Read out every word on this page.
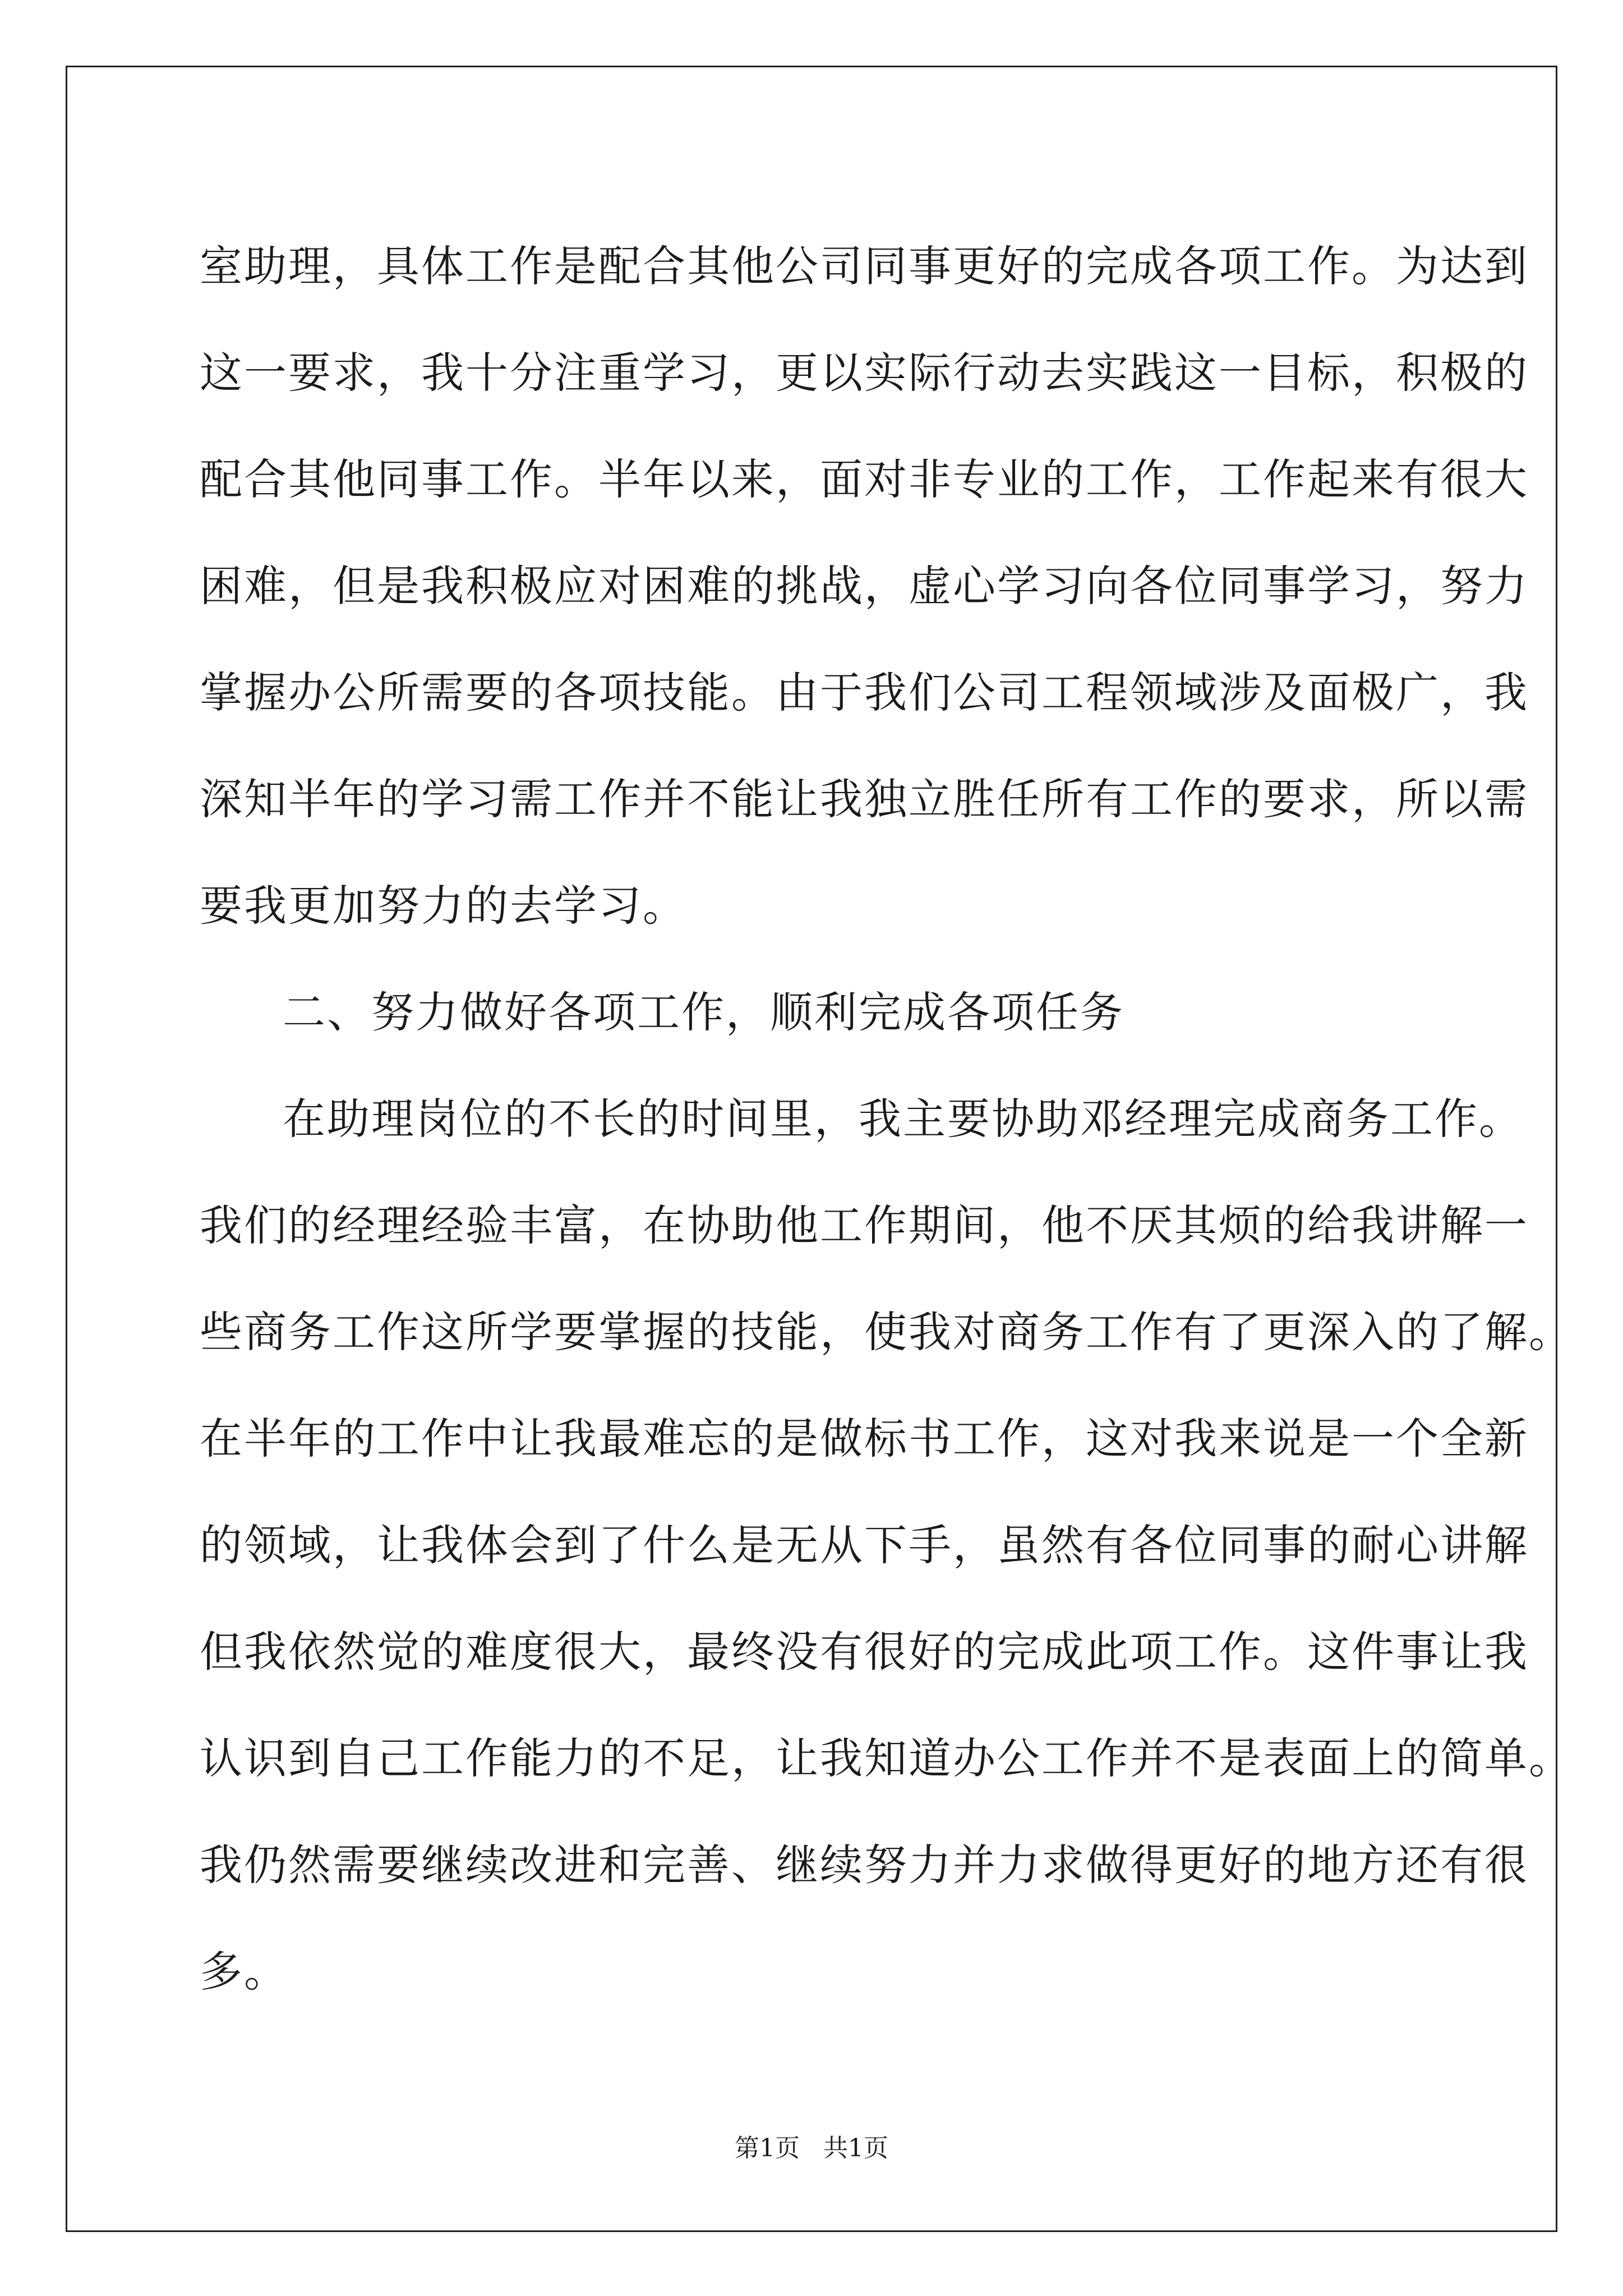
室助理，具体工作是配合其他公司同事更好的完成各项工作。为达到
这一要求，我十分注重学习，更以实际行动去实践这一目标，积极的
配合其他同事工作。半年以来，面对非专业的工作，工作起来有很大
困难，但是我积极应对困难的挑战，虚心学习向各位同事学习，努力
掌握办公所需要的各项技能。由于我们公司工程领域涉及面极广，我
深知半年的学习需工作并不能让我独立胜任所有工作的要求，所以需
要我更加努力的去学习。
二、努力做好各项工作，顺利完成各项任务
在助理岗位的不长的时间里，我主要协助邓经理完成商务工作。
我们的经理经验丰富，在协助他工作期间，他不厌其烦的给我讲解一
些商务工作这所学要掌握的技能，使我对商务工作有了更深入的了解。
在半年的工作中让我最难忘的是做标书工作，这对我来说是一个全新
的领域，让我体会到了什么是无从下手，虽然有各位同事的耐心讲解
但我依然觉的难度很大，最终没有很好的完成此项工作。这件事让我
认识到自己工作能力的不足，让我知道办公工作并不是表面上的简单。
我仍然需要继续改进和完善、继续努力并力求做得更好的地方还有很
多。
第1页   共1页
